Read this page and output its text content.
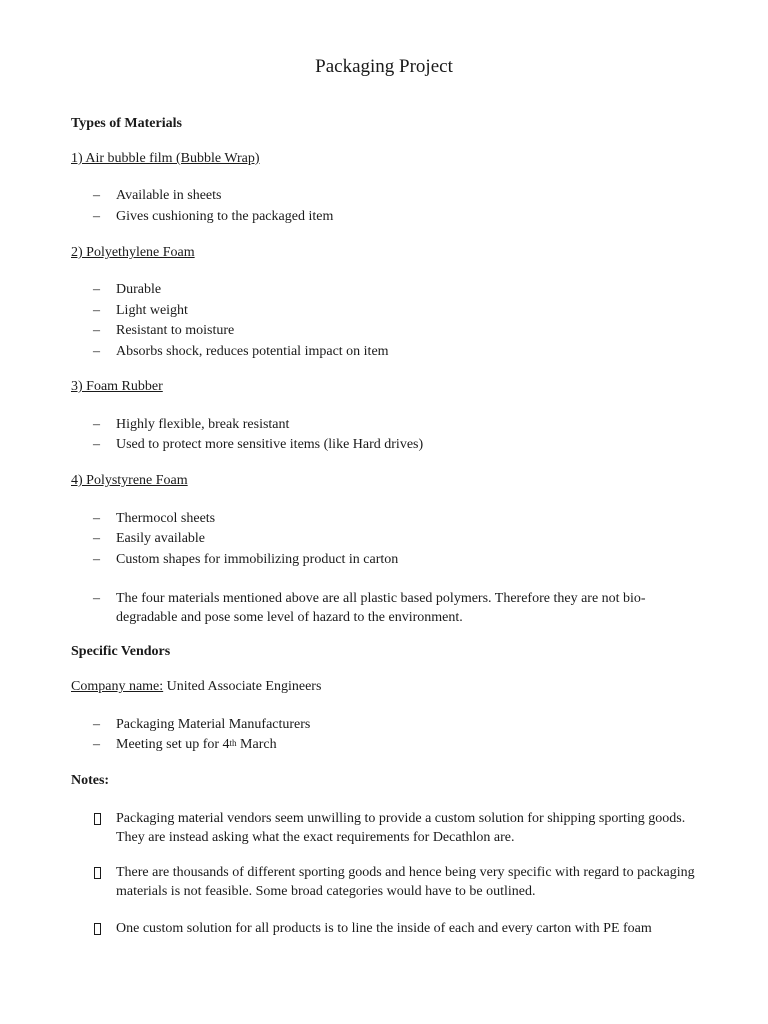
Packaging Project
Types of Materials
1) Air bubble film (Bubble Wrap)
– Available in sheets
– Gives cushioning to the packaged item
2) Polyethylene Foam
– Durable
– Light weight
– Resistant to moisture
– Absorbs shock, reduces potential impact on item
3) Foam Rubber
– Highly flexible, break resistant
– Used to protect more sensitive items (like Hard drives)
4) Polystyrene Foam
– Thermocol sheets
– Easily available
– Custom shapes for immobilizing product in carton
– The four materials mentioned above are all plastic based polymers. Therefore they are not bio-degradable and pose some level of hazard to the environment.
Specific Vendors
Company name: United Associate Engineers
– Packaging Material Manufacturers
– Meeting set up for 4th March
Notes:
Packaging material vendors seem unwilling to provide a custom solution for shipping sporting goods. They are instead asking what the exact requirements for Decathlon are.
There are thousands of different sporting goods and hence being very specific with regard to packaging materials is not feasible. Some broad categories would have to be outlined.
One custom solution for all products is to line the inside of each and every carton with PE foam
